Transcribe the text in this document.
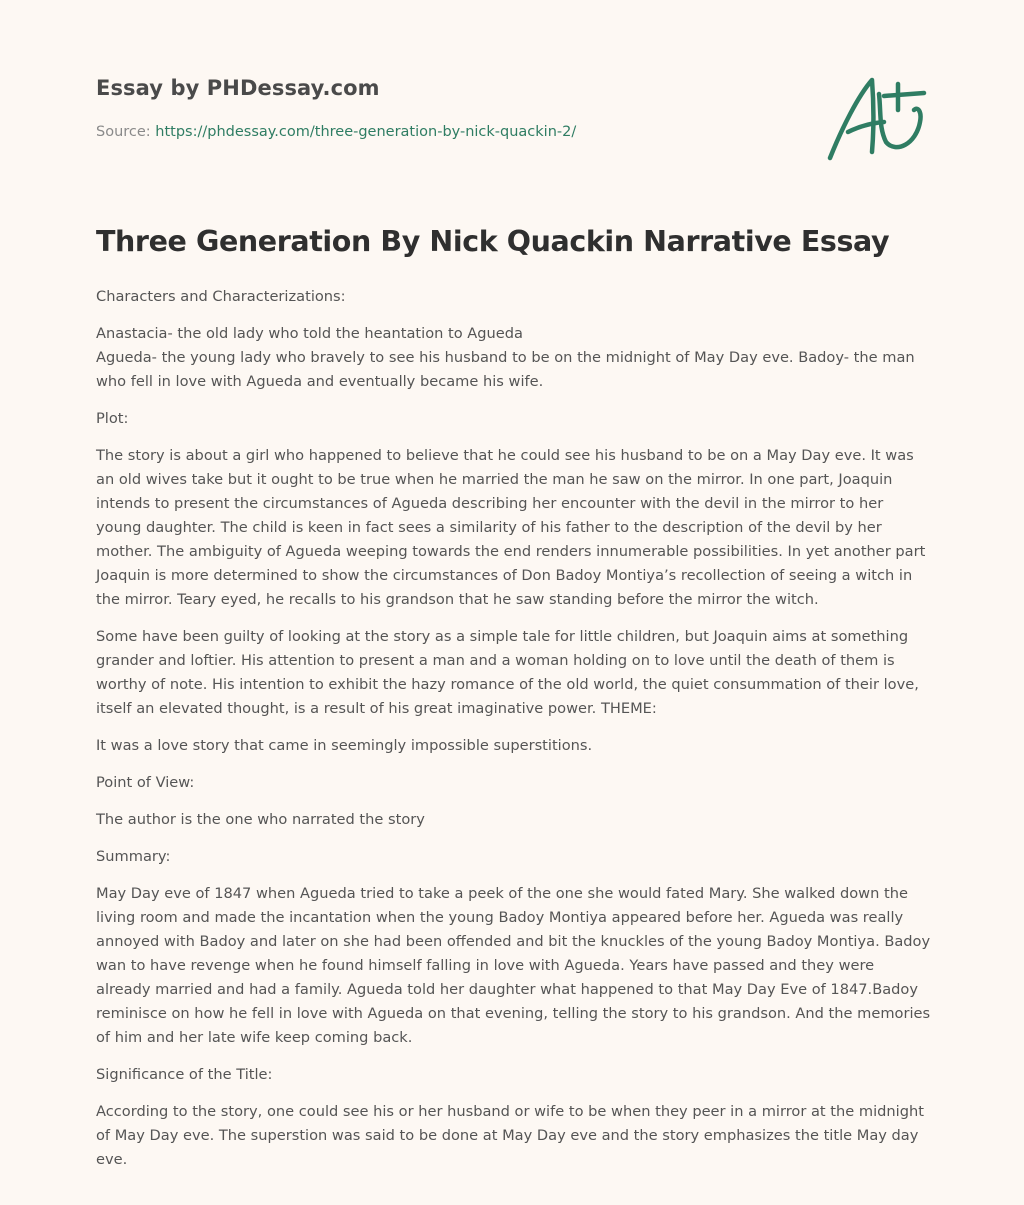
Essay by PHDessay.com
Source: https://phdessay.com/three-generation-by-nick-quackin-2/
Three Generation By Nick Quackin Narrative Essay

Characters and Characterizations:

Anastacia- the old lady who told the heantation to Agueda

Agueda- the young lady who bravely to see his husband to be on the midnight of May Day eve. Badoy- the man who fell in love with Agueda and eventually became his wife.

Plot:

The story is about a girl who happened to believe that he could see his husband to be on a May Day eve. It was an old wives take but it ought to be true when he married the man he saw on the mirror. In one part, Joaquin intends to present the circumstances of Agueda describing her encounter with the devil in the mirror to her young daughter. The child is keen in fact sees a similarity of his father to the description of the devil by her mother. The ambiguity of Agueda weeping towards the end renders innumerable possibilities. In yet another part Joaquin is more determined to show the circumstances of Don Badoy Montiya’s recollection of seeing a witch in the mirror. Teary eyed, he recalls to his grandson that he saw standing before the mirror the witch.

Some have been guilty of looking at the story as a simple tale for little children, but Joaquin aims at something grander and loftier. His attention to present a man and a woman holding on to love until the death of them is worthy of note. His intention to exhibit the hazy romance of the old world, the quiet consummation of their love, itself an elevated thought, is a result of his great imaginative power. THEME:

It was a love story that came in seemingly impossible superstitions.

Point of View:

The author is the one who narrated the story

Summary:

May Day eve of 1847 when Agueda tried to take a peek of the one she would fated Mary. She walked down the living room and made the incantation when the young Badoy Montiya appeared before her. Agueda was really annoyed with Badoy and later on she had been offended and bit the knuckles of the young Badoy Montiya. Badoy wan to have revenge when he found himself falling in love with Agueda. Years have passed and they were already married and had a family. Agueda told her daughter what happened to that May Day Eve of 1847.Badoy reminisce on how he fell in love with Agueda on that evening, telling the story to his grandson. And the memories of him and her late wife keep coming back.

Significance of the Title:

According to the story, one could see his or her husband or wife to be when they peer in a mirror at the midnight of May Day eve. The superstion was said to be done at May Day eve and the story emphasizes the title May day eve.
